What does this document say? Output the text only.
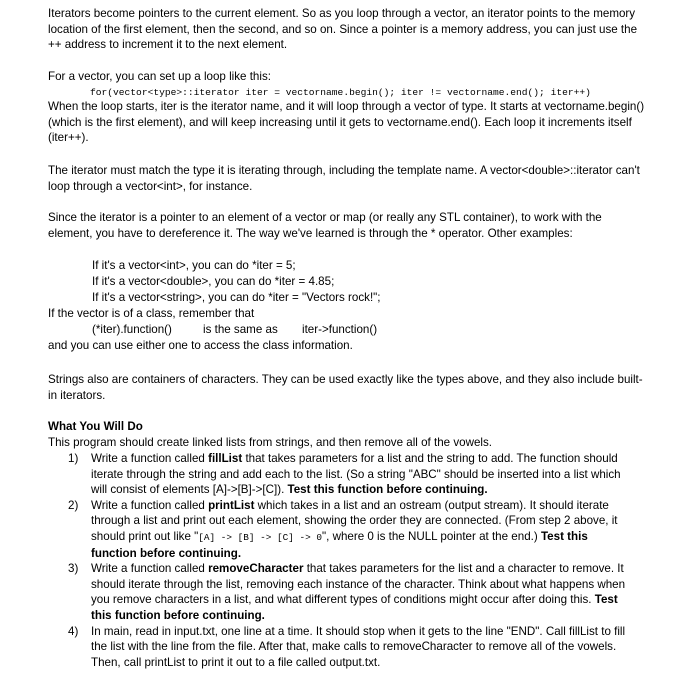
Iterators become pointers to the current element. So as you loop through a vector, an iterator points to the memory location of the first element, then the second, and so on. Since a pointer is a memory address, you can just use the ++ address to increment it to the next element.

For a vector, you can set up a loop like this:

for(vector<type>::iterator iter = vectorname.begin(); iter != vectorname.end(); iter++)

When the loop starts, iter is the iterator name, and it will loop through a vector of type. It starts at vectorname.begin() (which is the first element), and will keep increasing until it gets to vectorname.end(). Each loop it increments itself (iter++).

The iterator must match the type it is iterating through, including the template name. A vector<double>::iterator can't loop through a vector<int>, for instance.

Since the iterator is a pointer to an element of a vector or map (or really any STL container), to work with the element, you have to dereference it. The way we've learned is through the * operator. Other examples:

If it's a vector<int>, you can do *iter = 5;
If it's a vector<double>, you can do *iter = 4.85;
If it's a vector<string>, you can do *iter = "Vectors rock!";
If the vector is of a class, remember that
(*iter).function()	is the same as iter->function()
and you can use either one to access the class information.

Strings also are containers of characters. They can be used exactly like the types above, and they also include built-in iterators.

What You Will Do
This program should create linked lists from strings, and then remove all of the vowels.
1)	Write a function called fillList that takes parameters for a list and the string to add. The function should iterate through the string and add each to the list. (So a string "ABC" should be inserted into a list which will consist of elements [A]->[B]->[C]). Test this function before continuing.
2)	Write a function called printList which takes in a list and an ostream (output stream). It should iterate through a list and print out each element, showing the order they are connected. (From step 2 above, it should print out like "[A] -> [B] -> [C] -> 0", where 0 is the NULL pointer at the end.) Test this function before continuing.
3)	Write a function called removeCharacter that takes parameters for the list and a character to remove. It should iterate through the list, removing each instance of the character. Think about what happens when you remove characters in a list, and what different types of conditions might occur after doing this. Test this function before continuing.
4)	In main, read in input.txt, one line at a time. It should stop when it gets to the line "END". Call fillList to fill the list with the line from the file. After that, make calls to removeCharacter to remove all of the vowels. Then, call printList to print it out to a file called output.txt.
